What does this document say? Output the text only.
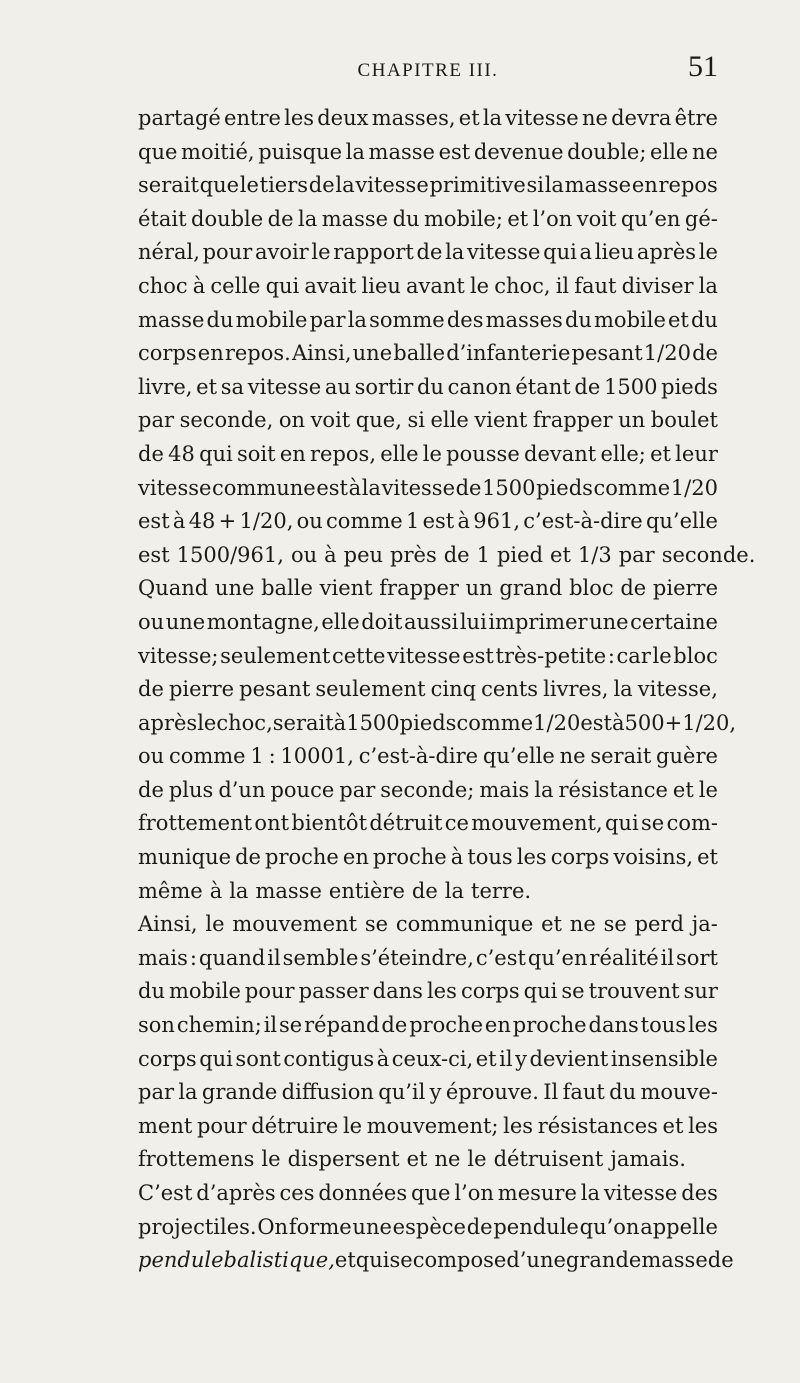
CHAPITRE III.	51
partagé entre les deux masses, et la vitesse ne devra être
que moitié, puisque la masse est devenue double; elle ne
serait que le tiers de la vitesse primitive si la masse en repos
était double de la masse du mobile; et l’on voit qu’en gé-
néral, pour avoir le rapport de la vitesse qui a lieu après le
choc à celle qui avait lieu avant le choc, il faut diviser la
masse du mobile par la somme des masses du mobile et du
corps en repos. Ainsi, une balle d’infanterie pesant 1/20 de
livre, et sa vitesse au sortir du canon étant de 1500 pieds
par seconde, on voit que, si elle vient frapper un boulet
de 48 qui soit en repos, elle le pousse devant elle; et leur
vitesse commune est à la vitesse de 1500 pieds comme 1/20
est à 48 + 1/20, ou comme 1 est à 961, c’est-à-dire qu’elle
est 1500/961, ou à peu près de 1 pied et 1/3 par seconde.
Quand une balle vient frapper un grand bloc de pierre
ou une montagne, elle doit aussi lui imprimer une certaine
vitesse; seulement cette vitesse est très-petite : car le bloc
de pierre pesant seulement cinq cents livres, la vitesse,
après le choc, serait à 1500 pieds comme 1/20 est à 500 + 1/20,
ou comme 1 : 10001, c’est-à-dire qu’elle ne serait guère
de plus d’un pouce par seconde; mais la résistance et le
frottement ont bientôt détruit ce mouvement, qui se com-
munique de proche en proche à tous les corps voisins, et
même à la masse entière de la terre.
Ainsi, le mouvement se communique et ne se perd ja-
mais : quand il semble s’éteindre, c’est qu’en réalité il sort
du mobile pour passer dans les corps qui se trouvent sur
son chemin; il se répand de proche en proche dans tous les
corps qui sont contigus à ceux-ci, et il y devient insensible
par la grande diffusion qu’il y éprouve. Il faut du mouve-
ment pour détruire le mouvement; les résistances et les
frottemens le dispersent et ne le détruisent jamais.
C’est d’après ces données que l’on mesure la vitesse des
projectiles. On forme une espèce de pendule qu’on appelle
pendule balistique, et qui se compose d’une grande masse de
